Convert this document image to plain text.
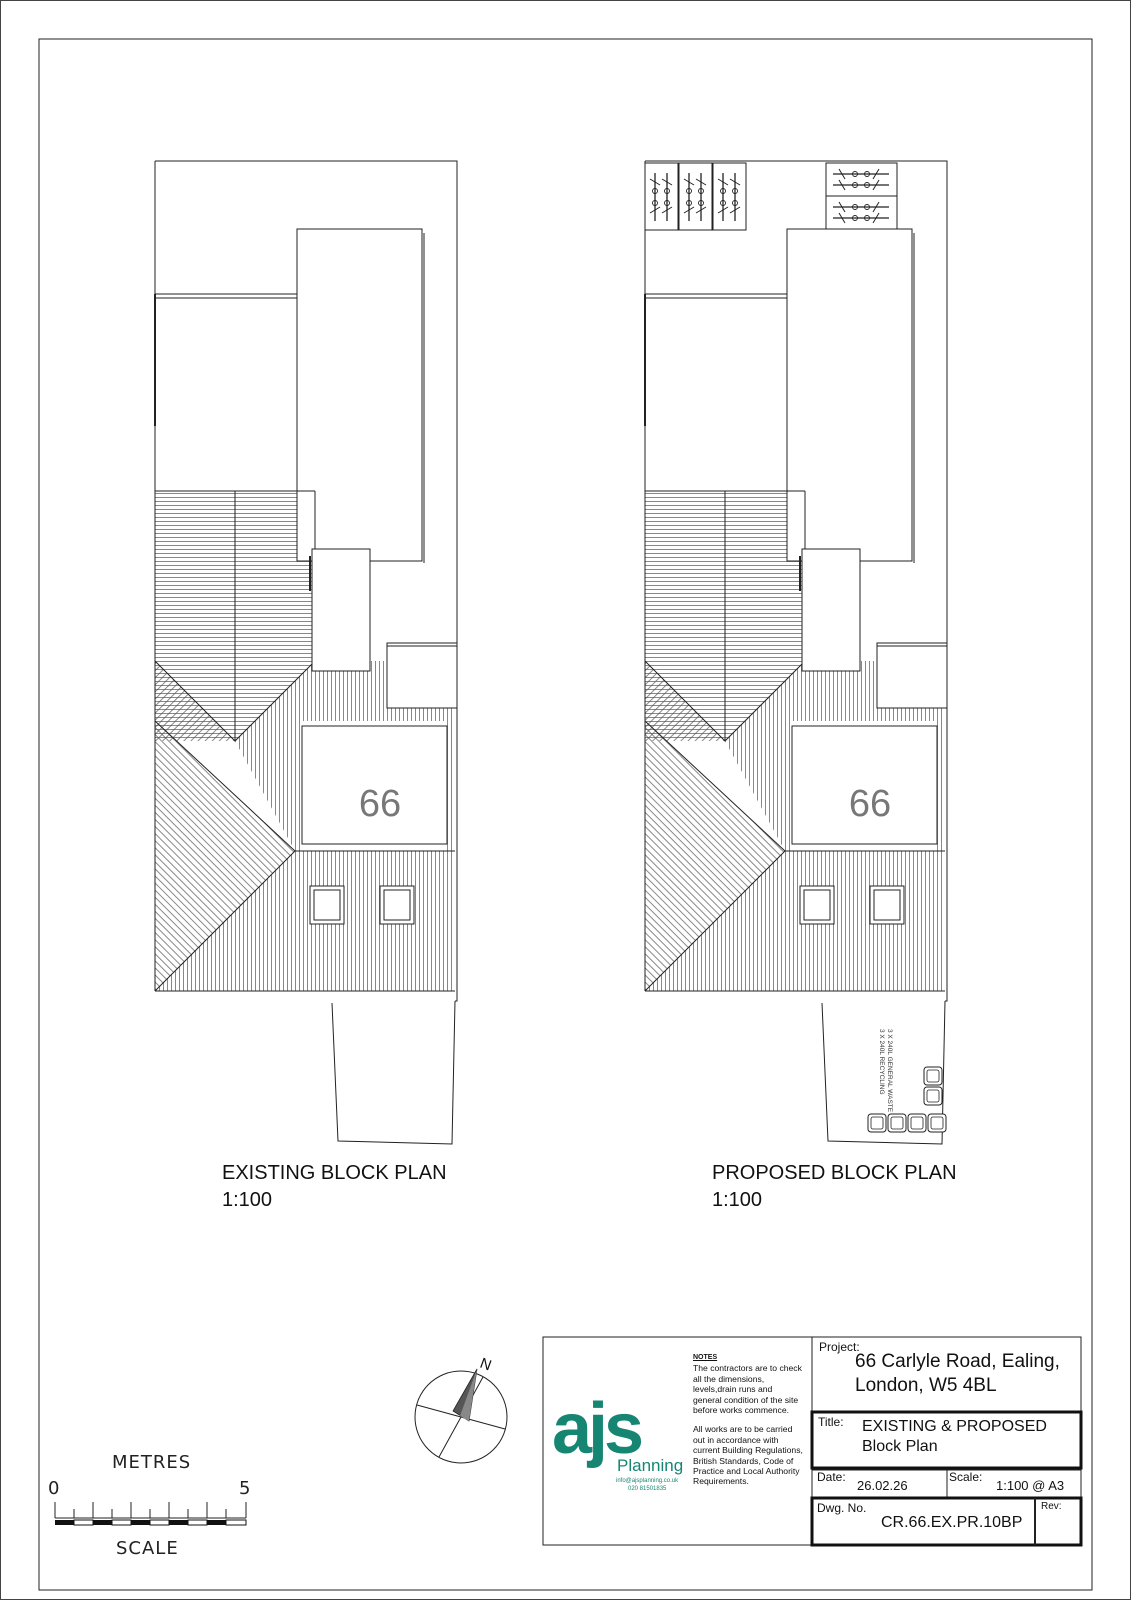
66	66
3 X 240L GENERAL WASTE
3 X 240L RECYCLING
N
ajs
EXISTING BLOCK PLAN
1:100
PROPOSED BLOCK PLAN
1:100
METRES
0	5
SCALE
Planning
info@ajsplanning.co.uk
020 81501835
NOTES

The contractors are to check all the dimensions, levels,drain runs and general condition of the site before works commence.

All works are to be carried out in accordance with current Building Regulations, British Standards, Code of Practice and Local Authority Requirements.

Project:
66 Carlyle Road, Ealing,
London, W5 4BL
Title: EXISTING & PROPOSED
Block Plan
Date:
26.02.26
Scale:
1:100 @ A3
Dwg. No.
CR.66.EX.PR.10BP
Rev:
